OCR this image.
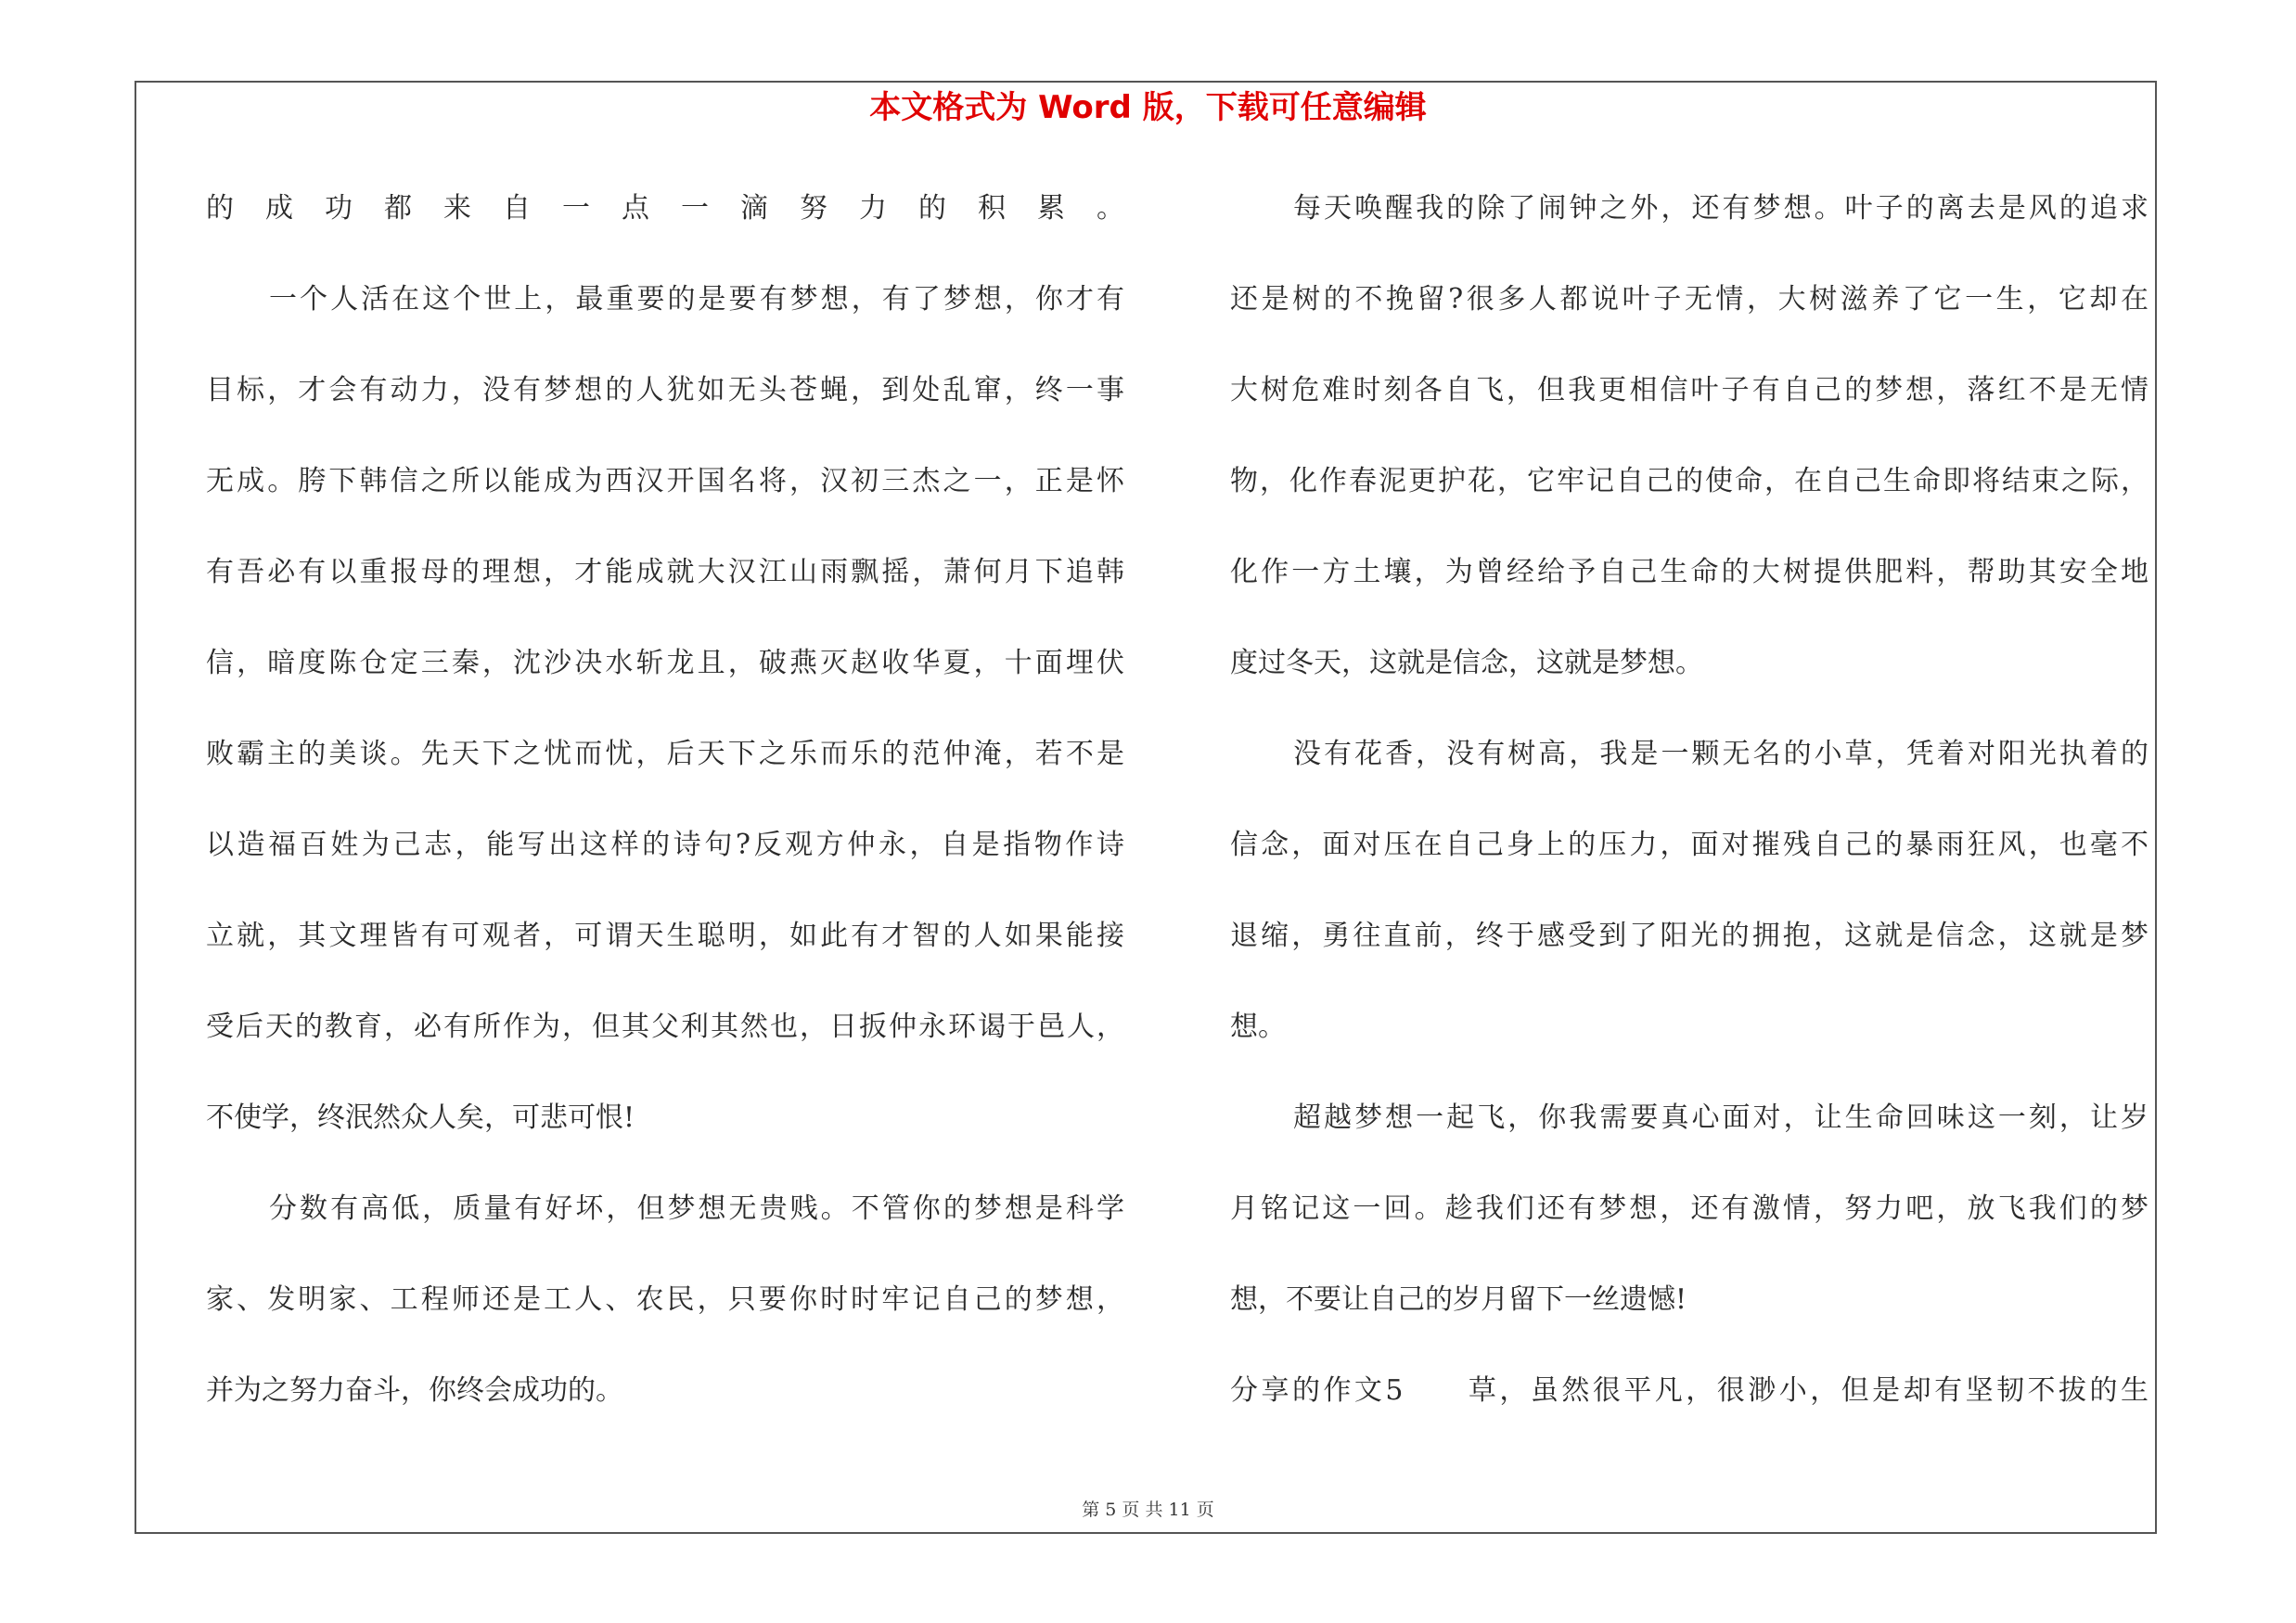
本文格式为 Word 版，下载可任意编辑
的成功都来自一点一滴努力的积累。
一个人活在这个世上，最重要的是要有梦想，有了梦想，你才有
目标，才会有动力，没有梦想的人犹如无头苍蝇，到处乱窜，终一事
无成。胯下韩信之所以能成为西汉开国名将，汉初三杰之一，正是怀
有吾必有以重报母的理想，才能成就大汉江山雨飘摇，萧何月下追韩
信，暗度陈仓定三秦，沈沙决水斩龙且，破燕灭赵收华夏，十面埋伏
败霸主的美谈。先天下之忧而忧，后天下之乐而乐的范仲淹，若不是
以造福百姓为己志，能写出这样的诗句?反观方仲永，自是指物作诗
立就，其文理皆有可观者，可谓天生聪明，如此有才智的人如果能接
受后天的教育，必有所作为，但其父利其然也，日扳仲永环谒于邑人，
不使学，终泯然众人矣，可悲可恨!
分数有高低，质量有好坏，但梦想无贵贱。不管你的梦想是科学
家、发明家、工程师还是工人、农民，只要你时时牢记自己的梦想，
并为之努力奋斗，你终会成功的。
每天唤醒我的除了闹钟之外，还有梦想。叶子的离去是风的追求
还是树的不挽留?很多人都说叶子无情，大树滋养了它一生，它却在
大树危难时刻各自飞，但我更相信叶子有自己的梦想，落红不是无情
物，化作春泥更护花，它牢记自己的使命，在自己生命即将结束之际，
化作一方土壤，为曾经给予自己生命的大树提供肥料，帮助其安全地
度过冬天，这就是信念，这就是梦想。
没有花香，没有树高，我是一颗无名的小草，凭着对阳光执着的
信念，面对压在自己身上的压力，面对摧残自己的暴雨狂风，也毫不
退缩，勇往直前，终于感受到了阳光的拥抱，这就是信念，这就是梦
想。
超越梦想一起飞，你我需要真心面对，让生命回味这一刻，让岁
月铭记这一回。趁我们还有梦想，还有激情，努力吧，放飞我们的梦
想，不要让自己的岁月留下一丝遗憾!
分享的作文5　　草，虽然很平凡，很渺小，但是却有坚韧不拔的生
第 5 页 共 11 页
